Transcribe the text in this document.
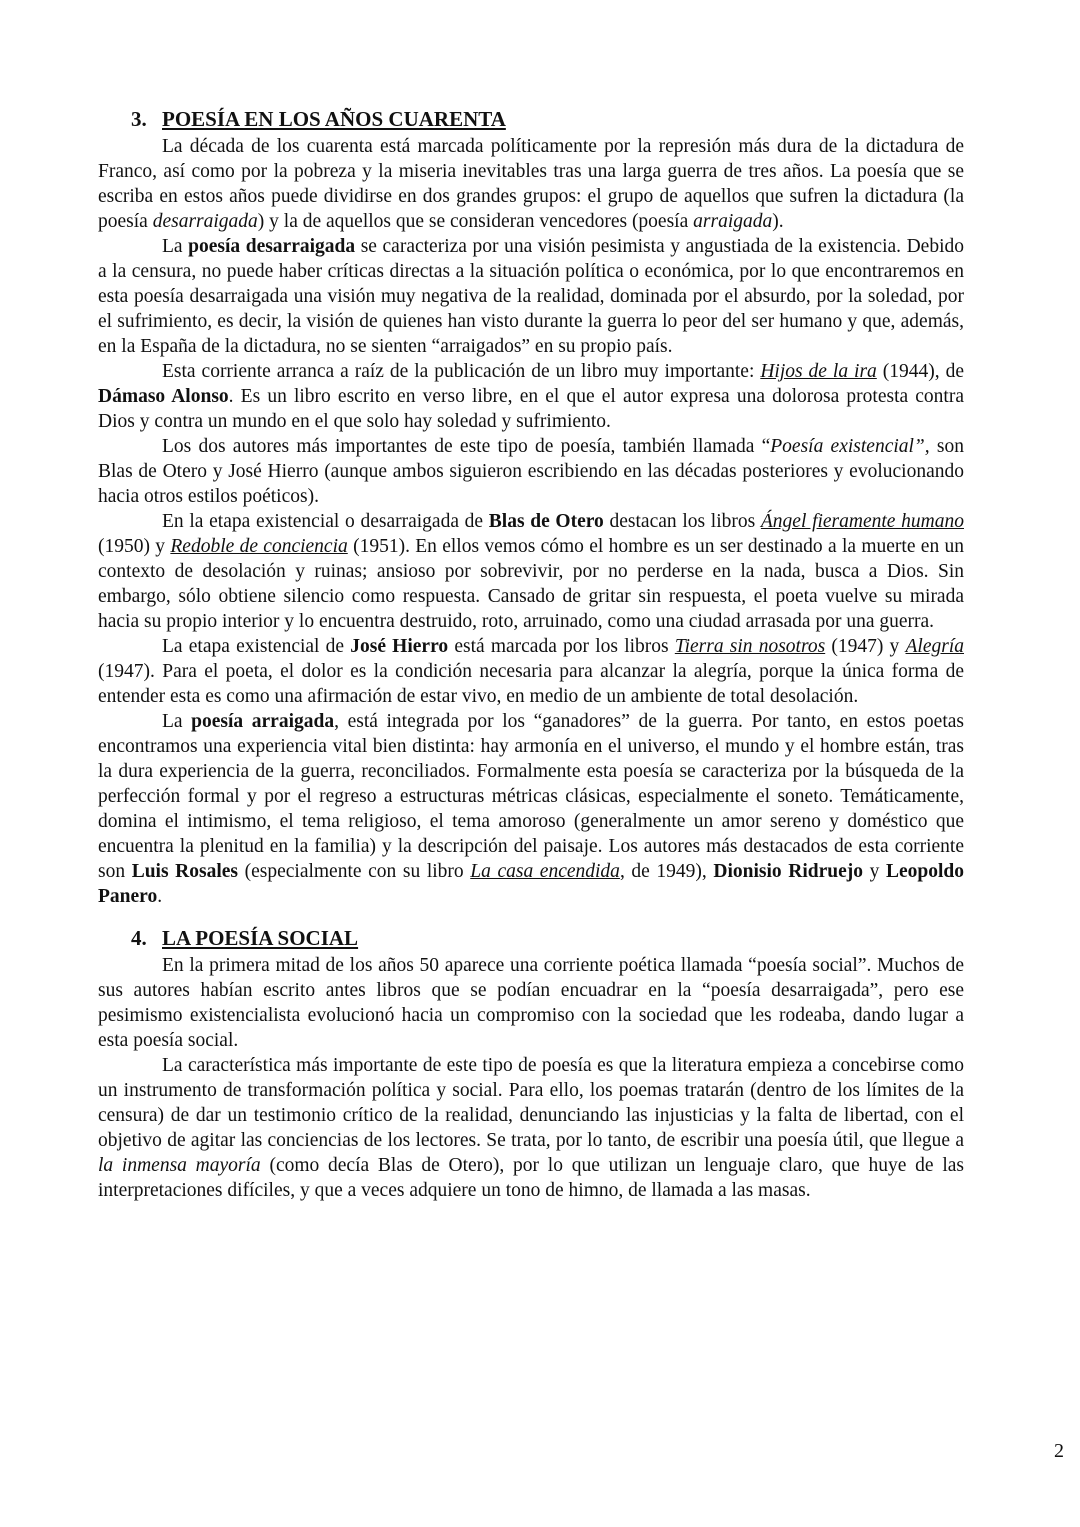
3. POESÍA EN LOS AÑOS CUARENTA

La década de los cuarenta está marcada políticamente por la represión más dura de la dictadura de Franco, así como por la pobreza y la miseria inevitables tras una larga guerra de tres años. La poesía que se escriba en estos años puede dividirse en dos grandes grupos: el grupo de aquellos que sufren la dictadura (la poesía desarraigada) y la de aquellos que se consideran vencedores (poesía arraigada).

La poesía desarraigada se caracteriza por una visión pesimista y angustiada de la existencia. Debido a la censura, no puede haber críticas directas a la situación política o económica, por lo que encontraremos en esta poesía desarraigada una visión muy negativa de la realidad, dominada por el absurdo, por la soledad, por el sufrimiento, es decir, la visión de quienes han visto durante la guerra lo peor del ser humano y que, además, en la España de la dictadura, no se sienten “arraigados” en su propio país.

Esta corriente arranca a raíz de la publicación de un libro muy importante: Hijos de la ira (1944), de Dámaso Alonso. Es un libro escrito en verso libre, en el que el autor expresa una dolorosa protesta contra Dios y contra un mundo en el que solo hay soledad y sufrimiento.

Los dos autores más importantes de este tipo de poesía, también llamada “Poesía existencial”, son Blas de Otero y José Hierro (aunque ambos siguieron escribiendo en las décadas posteriores y evolucionando hacia otros estilos poéticos).

En la etapa existencial o desarraigada de Blas de Otero destacan los libros Ángel fieramente humano (1950) y Redoble de conciencia (1951). En ellos vemos cómo el hombre es un ser destinado a la muerte en un contexto de desolación y ruinas; ansioso por sobrevivir, por no perderse en la nada, busca a Dios. Sin embargo, sólo obtiene silencio como respuesta. Cansado de gritar sin respuesta, el poeta vuelve su mirada hacia su propio interior y lo encuentra destruido, roto, arruinado, como una ciudad arrasada por una guerra.

La etapa existencial de José Hierro está marcada por los libros Tierra sin nosotros (1947) y Alegría (1947). Para el poeta, el dolor es la condición necesaria para alcanzar la alegría, porque la única forma de entender esta es como una afirmación de estar vivo, en medio de un ambiente de total desolación.

La poesía arraigada, está integrada por los “ganadores” de la guerra. Por tanto, en estos poetas encontramos una experiencia vital bien distinta: hay armonía en el universo, el mundo y el hombre están, tras la dura experiencia de la guerra, reconciliados. Formalmente esta poesía se caracteriza por la búsqueda de la perfección formal y por el regreso a estructuras métricas clásicas, especialmente el soneto. Temáticamente, domina el intimismo, el tema religioso, el tema amoroso (generalmente un amor sereno y doméstico que encuentra la plenitud en la familia) y la descripción del paisaje. Los autores más destacados de esta corriente son Luis Rosales (especialmente con su libro La casa encendida, de 1949), Dionisio Ridruejo y Leopoldo Panero.

4. LA POESÍA SOCIAL

En la primera mitad de los años 50 aparece una corriente poética llamada “poesía social”. Muchos de sus autores habían escrito antes libros que se podían encuadrar en la “poesía desarraigada”, pero ese pesimismo existencialista evolucionó hacia un compromiso con la sociedad que les rodeaba, dando lugar a esta poesía social.

La característica más importante de este tipo de poesía es que la literatura empieza a concebirse como un instrumento de transformación política y social. Para ello, los poemas tratarán (dentro de los límites de la censura) de dar un testimonio crítico de la realidad, denunciando las injusticias y la falta de libertad, con el objetivo de agitar las conciencias de los lectores. Se trata, por lo tanto, de escribir una poesía útil, que llegue a la inmensa mayoría (como decía Blas de Otero), por lo que utilizan un lenguaje claro, que huye de las interpretaciones difíciles, y que a veces adquiere un tono de himno, de llamada a las masas.

2
